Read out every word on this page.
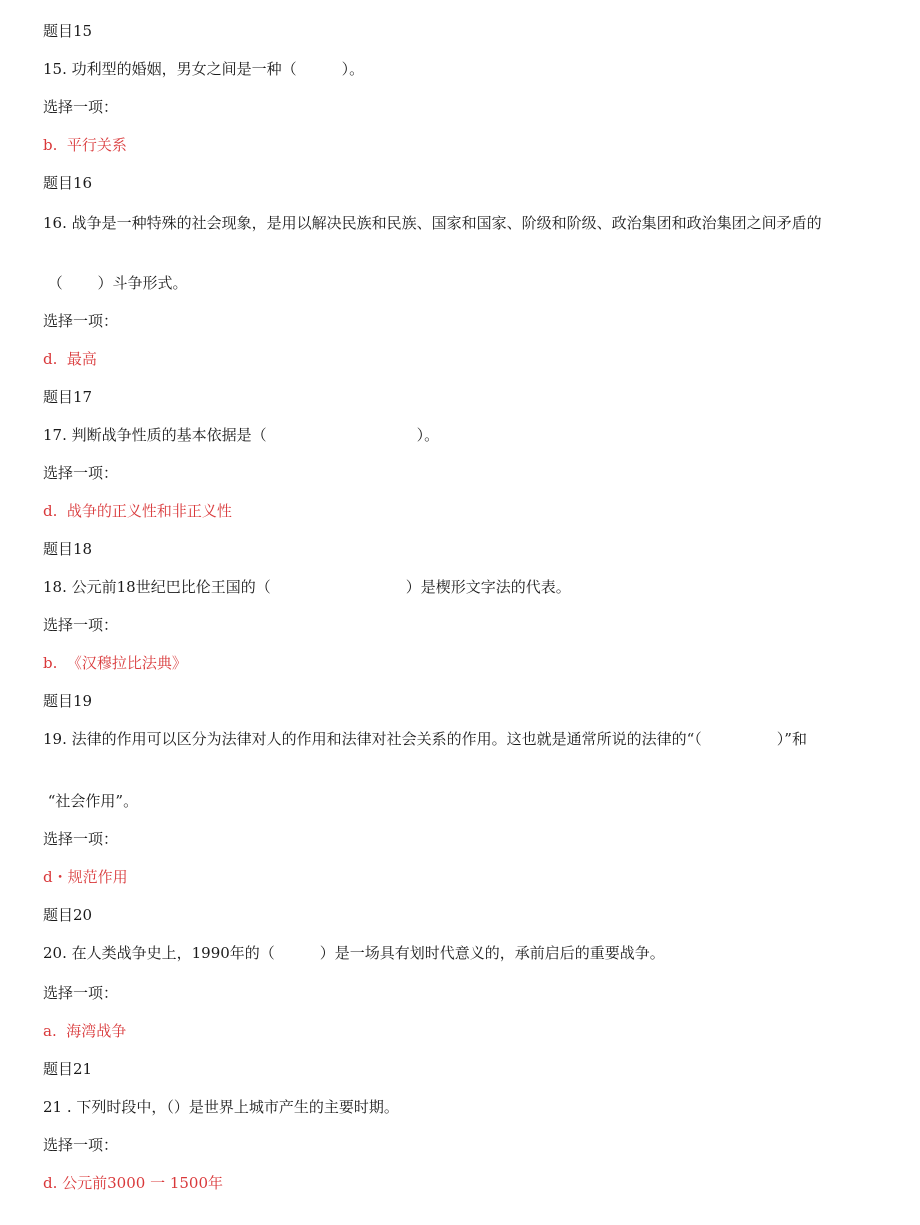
题目15
15. 功利型的婚姻，男女之间是一种（　　　）。
选择一项：
b.  平行关系
题目16
16. 战争是一种特殊的社会现象，是用以解决民族和民族、国家和国家、阶级和阶级、政治集团和政治集团之间矛盾的
（　　 ）斗争形式。
选择一项：
d.  最高
题目17
17. 判断战争性质的基本依据是（　　　　　　　　　　）。
选择一项：
d.  战争的正义性和非正义性
题目18
18. 公元前18世纪巴比伦王国的（　　　　　　　　　）是楔形文字法的代表。
选择一项：
b.  《汉穆拉比法典》
题目19
19. 法律的作用可以区分为法律对人的作用和法律对社会关系的作用。这也就是通常所说的法律的“（　　　　　）”和
“社会作用”。
选择一项：
d・规范作用
题目20
20. 在人类战争史上，1990年的（　　　）是一场具有划时代意义的，承前启后的重要战争。
选择一项：
a.  海湾战争
题目21
21 . 下列时段中，（）是世界上城市产生的主要时期。
选择一项：
d. 公元前3000 一 1500年
